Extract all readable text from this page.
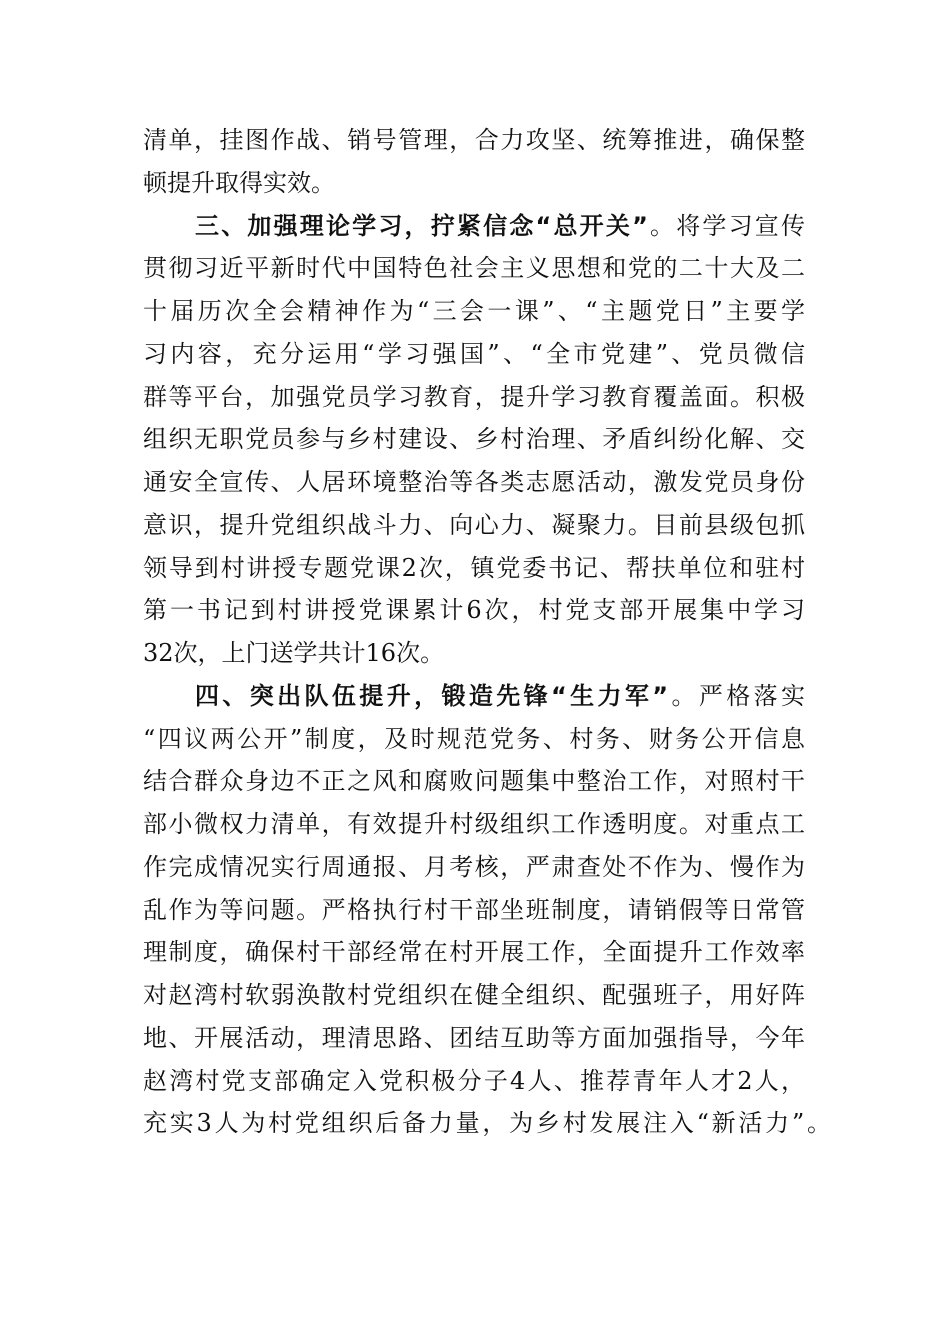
清单，挂图作战、销号管理，合力攻坚、统筹推进，确保整
顿提升取得实效。
三、加强理论学习，拧紧信念“总开关”。将学习宣传
贯彻习近平新时代中国特色社会主义思想和党的二十大及二
十届历次全会精神作为“三会一课”、“主题党日”主要学
习内容，充分运用“学习强国”、“全市党建”、党员微信
群等平台，加强党员学习教育，提升学习教育覆盖面。积极
组织无职党员参与乡村建设、乡村治理、矛盾纠纷化解、交
通安全宣传、人居环境整治等各类志愿活动，激发党员身份
意识，提升党组织战斗力、向心力、凝聚力。目前县级包抓
领导到村讲授专题党课2次，镇党委书记、帮扶单位和驻村
第一书记到村讲授党课累计6次，村党支部开展集中学习
32次，上门送学共计16次。
四、突出队伍提升，锻造先锋“生力军”。严格落实
“四议两公开”制度，及时规范党务、村务、财务公开信息
结合群众身边不正之风和腐败问题集中整治工作，对照村干
部小微权力清单，有效提升村级组织工作透明度。对重点工
作完成情况实行周通报、月考核，严肃查处不作为、慢作为
乱作为等问题。严格执行村干部坐班制度，请销假等日常管
理制度，确保村干部经常在村开展工作，全面提升工作效率
对赵湾村软弱涣散村党组织在健全组织、配强班子，用好阵
地、开展活动，理清思路、团结互助等方面加强指导，今年
赵湾村党支部确定入党积极分子4人、推荐青年人才2人，
充实3人为村党组织后备力量，为乡村发展注入“新活力”。
